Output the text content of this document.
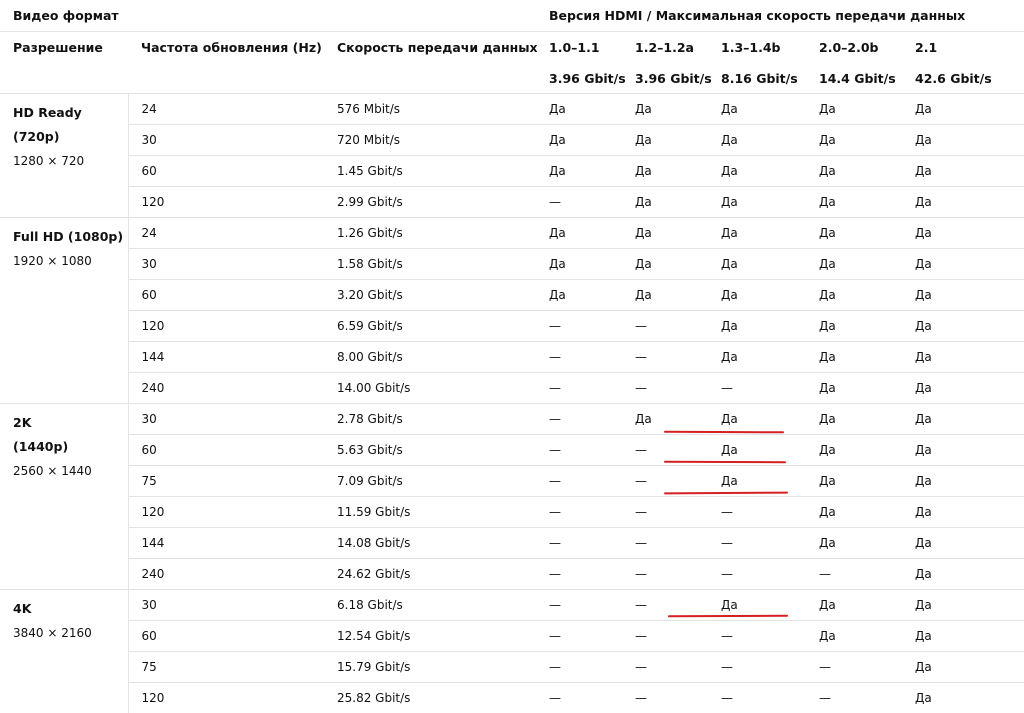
Видео формат			Версия HDMI / Максимальная скорость передачи данных				
Разрешение	Частота обновления (Hz)	Скорость передачи данных	1.0–1.1	1.2–1.2a	1.3–1.4b	2.0–2.0b	2.1
			3.96 Gbit/s	3.96 Gbit/s	8.16 Gbit/s	14.4 Gbit/s	42.6 Gbit/s

HD Ready
(720p)
1280 × 720	24	576 Mbit/s	Да	Да	Да	Да	Да
	30	720 Mbit/s	Да	Да	Да	Да	Да
	60	1.45 Gbit/s	Да	Да	Да	Да	Да
	120	2.99 Gbit/s	—	Да	Да	Да	Да

Full HD (1080p)
1920 × 1080	24	1.26 Gbit/s	Да	Да	Да	Да	Да
	30	1.58 Gbit/s	Да	Да	Да	Да	Да
	60	3.20 Gbit/s	Да	Да	Да	Да	Да
	120	6.59 Gbit/s	—	—	Да	Да	Да
	144	8.00 Gbit/s	—	—	Да	Да	Да
	240	14.00 Gbit/s	—	—	—	Да	Да

2K
(1440p)
2560 × 1440	30	2.78 Gbit/s	—	Да	Да	Да	Да
	60	5.63 Gbit/s	—	—	Да	Да	Да
	75	7.09 Gbit/s	—	—	Да	Да	Да
	120	11.59 Gbit/s	—	—	—	Да	Да
	144	14.08 Gbit/s	—	—	—	Да	Да
	240	24.62 Gbit/s	—	—	—	—	Да

4K
3840 × 2160	30	6.18 Gbit/s	—	—	Да	Да	Да
	60	12.54 Gbit/s	—	—	—	Да	Да
	75	15.79 Gbit/s	—	—	—	—	Да
	120	25.82 Gbit/s	—	—	—	—	Да
